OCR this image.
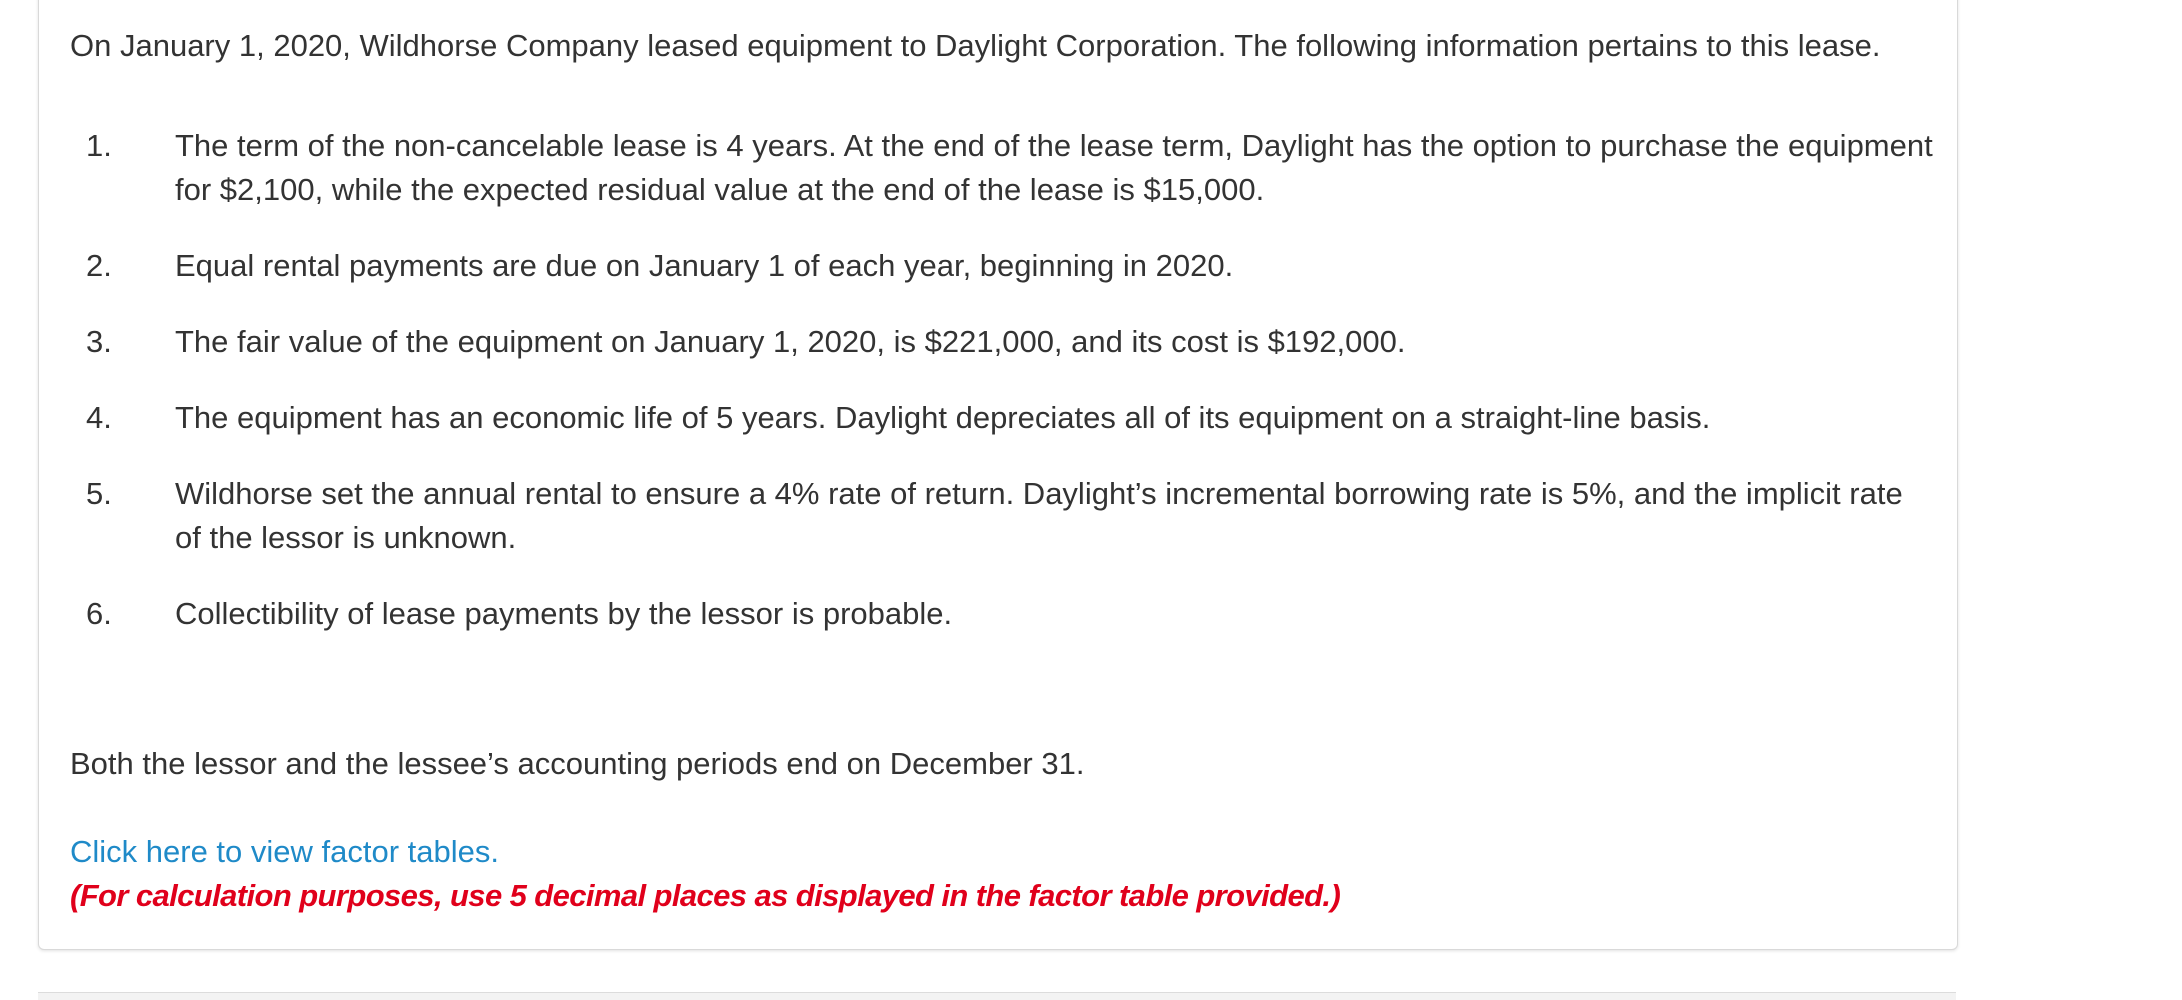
On January 1, 2020, Wildhorse Company leased equipment to Daylight Corporation. The following information pertains to this lease.

1. The term of the non-cancelable lease is 4 years. At the end of the lease term, Daylight has the option to purchase the equipment for $2,100, while the expected residual value at the end of the lease is $15,000.
2. Equal rental payments are due on January 1 of each year, beginning in 2020.
3. The fair value of the equipment on January 1, 2020, is $221,000, and its cost is $192,000.
4. The equipment has an economic life of 5 years. Daylight depreciates all of its equipment on a straight-line basis.
5. Wildhorse set the annual rental to ensure a 4% rate of return. Daylight’s incremental borrowing rate is 5%, and the implicit rate of the lessor is unknown.
6. Collectibility of lease payments by the lessor is probable.

Both the lessor and the lessee’s accounting periods end on December 31.

Click here to view factor tables.

(For calculation purposes, use 5 decimal places as displayed in the factor table provided.)
